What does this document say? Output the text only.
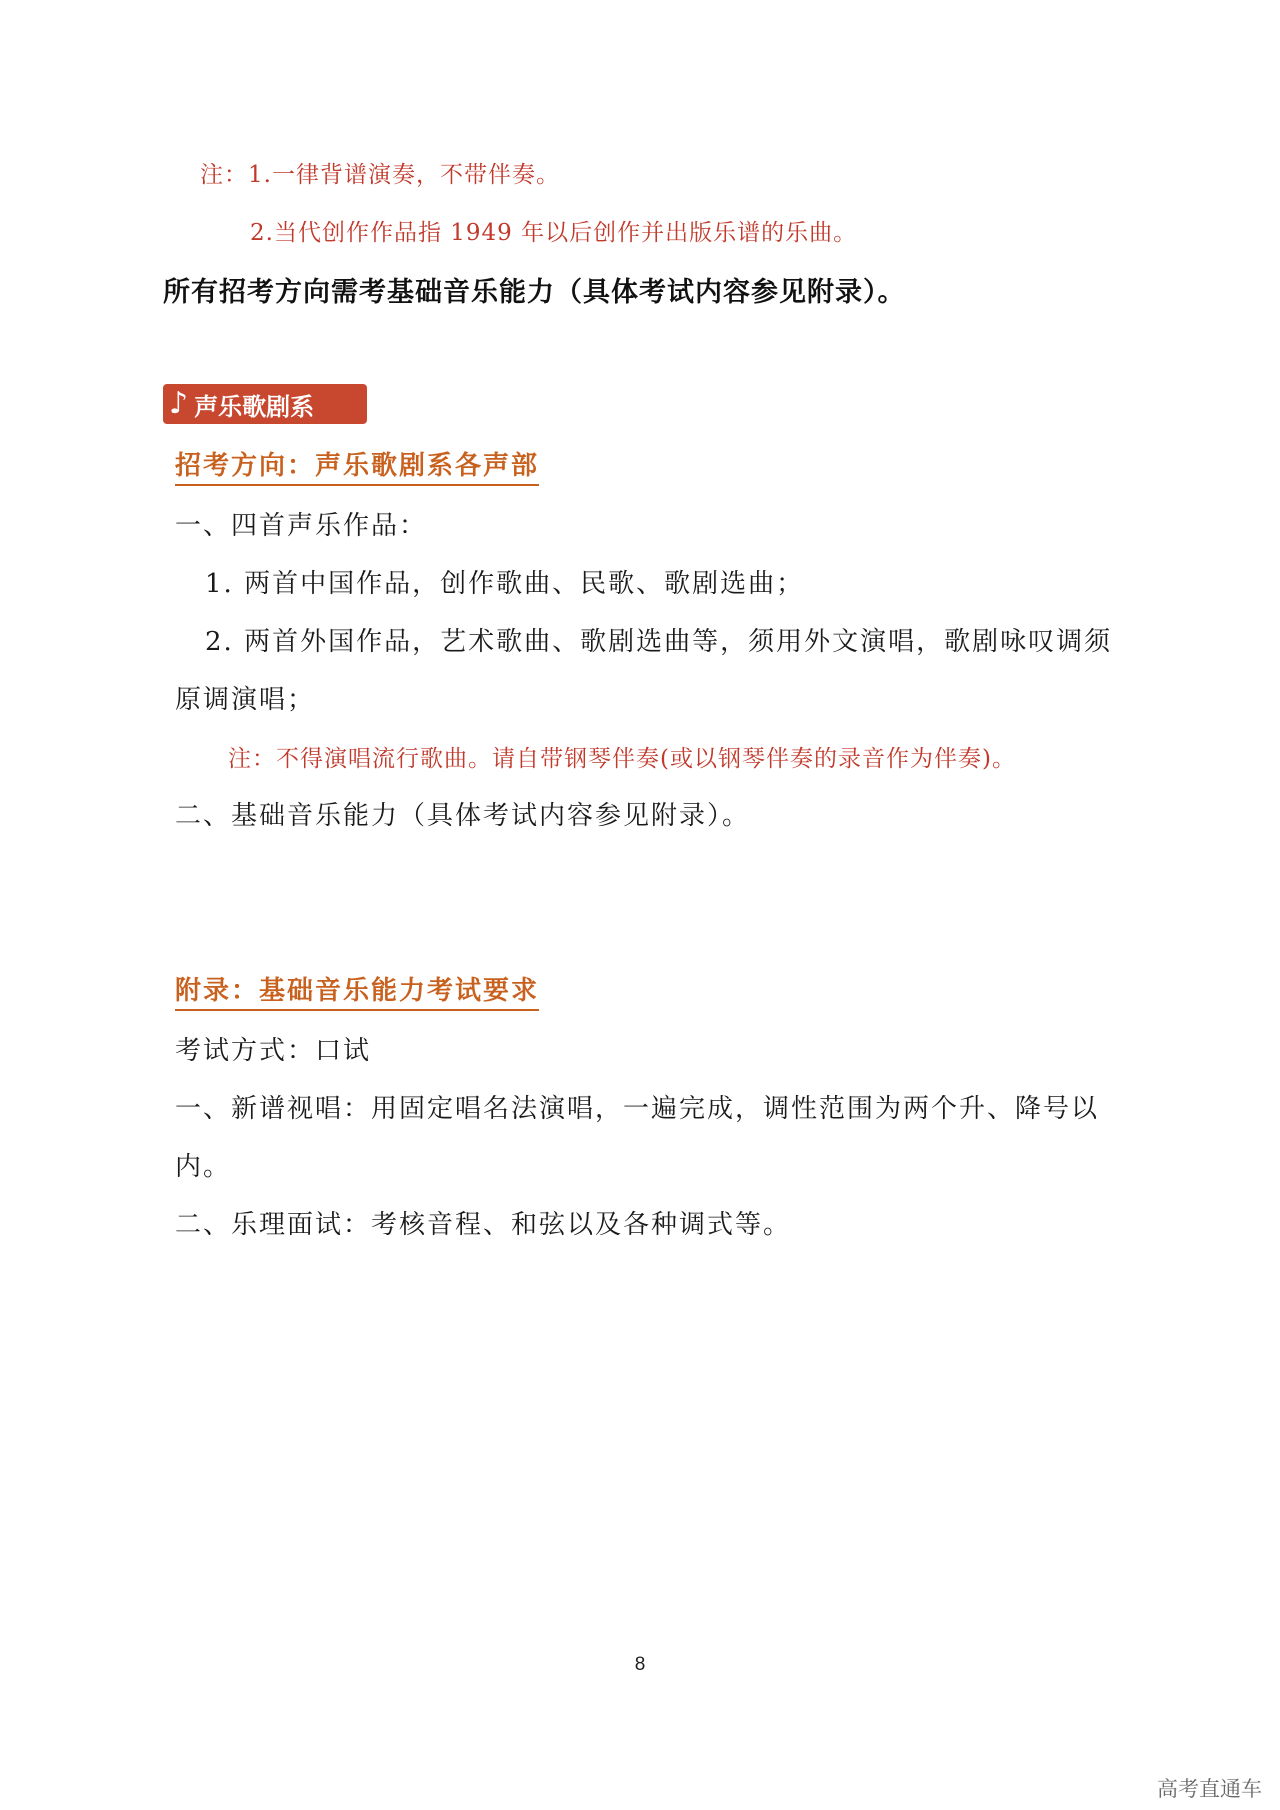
注：1.一律背谱演奏，不带伴奏。
2.当代创作作品指 1949 年以后创作并出版乐谱的乐曲。
所有招考方向需考基础音乐能力（具体考试内容参见附录）。
♪ 声乐歌剧系
招考方向：声乐歌剧系各声部
一、四首声乐作品：
1. 两首中国作品，创作歌曲、民歌、歌剧选曲；
2. 两首外国作品，艺术歌曲、歌剧选曲等，须用外文演唱，歌剧咏叹调须
原调演唱；
注：不得演唱流行歌曲。请自带钢琴伴奏(或以钢琴伴奏的录音作为伴奏)。
二、基础音乐能力（具体考试内容参见附录）。
附录：基础音乐能力考试要求
考试方式：口试
一、新谱视唱：用固定唱名法演唱，一遍完成，调性范围为两个升、降号以
内。
二、乐理面试：考核音程、和弦以及各种调式等。
8
高考直通车
